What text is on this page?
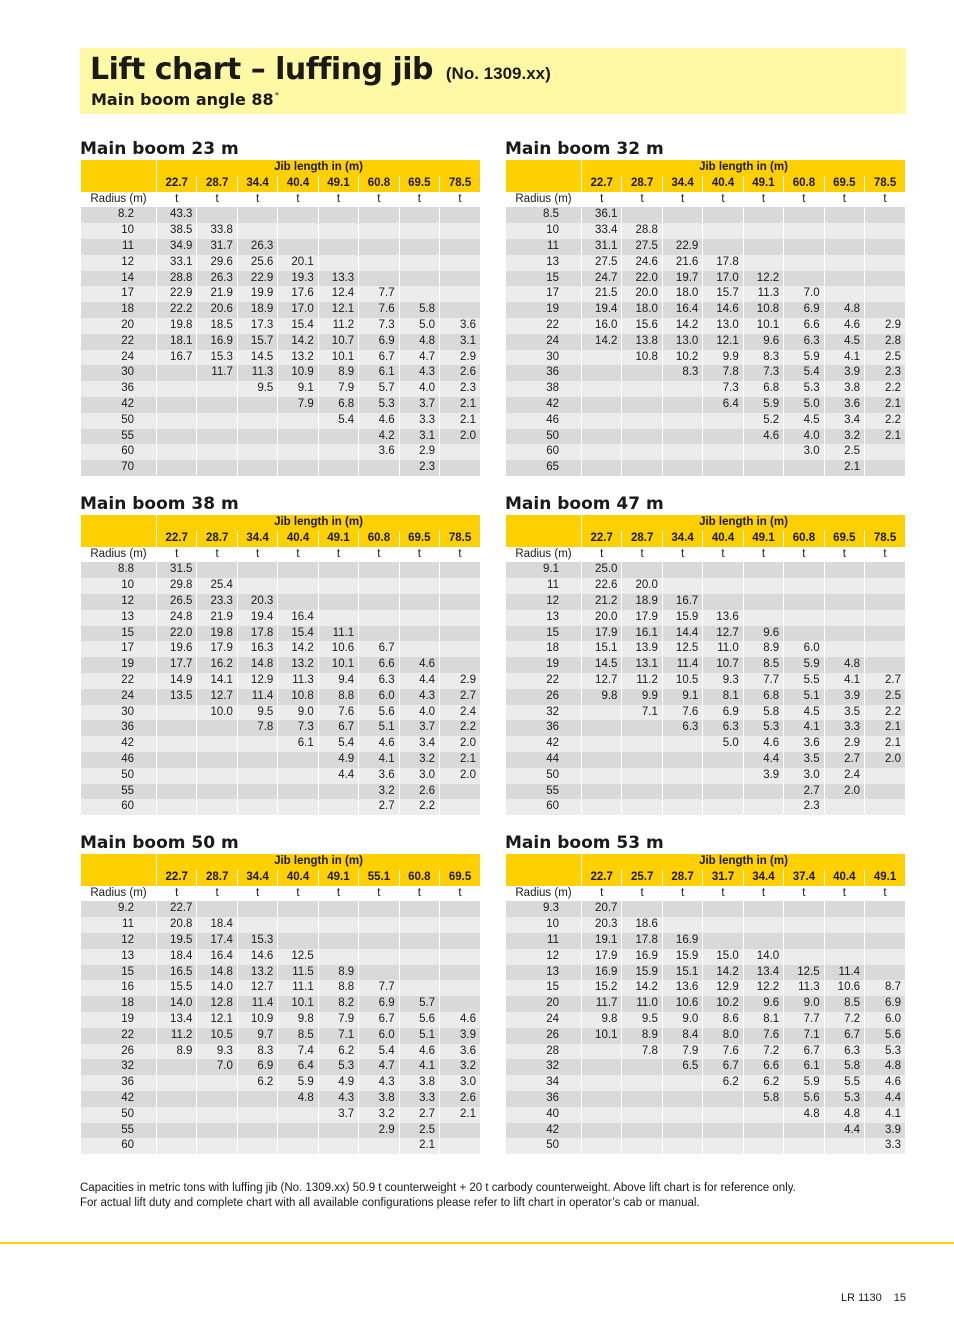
Lift chart – luffing jib (No. 1309.xx)
Main boom angle 88°
Main boom 23 m
	Jib length in (m)							
	22.7	28.7	34.4	40.4	49.1	60.8	69.5	78.5
Radius (m)	t	t	t	t	t	t	t	t
8.2	43.3							
10	38.5	33.8						
11	34.9	31.7	26.3					
12	33.1	29.6	25.6	20.1				
14	28.8	26.3	22.9	19.3	13.3			
17	22.9	21.9	19.9	17.6	12.4	7.7		
18	22.2	20.6	18.9	17.0	12.1	7.6	5.8	
20	19.8	18.5	17.3	15.4	11.2	7.3	5.0	3.6
22	18.1	16.9	15.7	14.2	10.7	6.9	4.8	3.1
24	16.7	15.3	14.5	13.2	10.1	6.7	4.7	2.9
30		11.7	11.3	10.9	8.9	6.1	4.3	2.6
36			9.5	9.1	7.9	5.7	4.0	2.3
42				7.9	6.8	5.3	3.7	2.1
50					5.4	4.6	3.3	2.1
55						4.2	3.1	2.0
60						3.6	2.9	
70							2.3	
Main boom 32 m
	Jib length in (m)							
	22.7	28.7	34.4	40.4	49.1	60.8	69.5	78.5
Radius (m)	t	t	t	t	t	t	t	t
8.5	36.1							
10	33.4	28.8						
11	31.1	27.5	22.9					
13	27.5	24.6	21.6	17.8				
15	24.7	22.0	19.7	17.0	12.2			
17	21.5	20.0	18.0	15.7	11.3	7.0		
19	19.4	18.0	16.4	14.6	10.8	6.9	4.8	
22	16.0	15.6	14.2	13.0	10.1	6.6	4.6	2.9
24	14.2	13.8	13.0	12.1	9.6	6.3	4.5	2.8
30		10.8	10.2	9.9	8.3	5.9	4.1	2.5
36			8.3	7.8	7.3	5.4	3.9	2.3
38				7.3	6.8	5.3	3.8	2.2
42				6.4	5.9	5.0	3.6	2.1
46					5.2	4.5	3.4	2.2
50					4.6	4.0	3.2	2.1
60						3.0	2.5	
65							2.1	
Main boom 38 m
	Jib length in (m)							
	22.7	28.7	34.4	40.4	49.1	60.8	69.5	78.5
Radius (m)	t	t	t	t	t	t	t	t
8.8	31.5							
10	29.8	25.4						
12	26.5	23.3	20.3					
13	24.8	21.9	19.4	16.4				
15	22.0	19.8	17.8	15.4	11.1			
17	19.6	17.9	16.3	14.2	10.6	6.7		
19	17.7	16.2	14.8	13.2	10.1	6.6	4.6	
22	14.9	14.1	12.9	11.3	9.4	6.3	4.4	2.9
24	13.5	12.7	11.4	10.8	8.8	6.0	4.3	2.7
30		10.0	9.5	9.0	7.6	5.6	4.0	2.4
36			7.8	7.3	6.7	5.1	3.7	2.2
42				6.1	5.4	4.6	3.4	2.0
46					4.9	4.1	3.2	2.1
50					4.4	3.6	3.0	2.0
55						3.2	2.6	
60						2.7	2.2	
Main boom 47 m
	Jib length in (m)							
	22.7	28.7	34.4	40.4	49.1	60.8	69.5	78.5
Radius (m)	t	t	t	t	t	t	t	t
9.1	25.0							
11	22.6	20.0						
12	21.2	18.9	16.7					
13	20.0	17.9	15.9	13.6				
15	17.9	16.1	14.4	12.7	9.6			
18	15.1	13.9	12.5	11.0	8.9	6.0		
19	14.5	13.1	11.4	10.7	8.5	5.9	4.8	
22	12.7	11.2	10.5	9.3	7.7	5.5	4.1	2.7
26	9.8	9.9	9.1	8.1	6.8	5.1	3.9	2.5
32		7.1	7.6	6.9	5.8	4.5	3.5	2.2
36			6.3	6.3	5.3	4.1	3.3	2.1
42				5.0	4.6	3.6	2.9	2.1
44					4.4	3.5	2.7	2.0
50					3.9	3.0	2.4	
55						2.7	2.0	
60						2.3		
Main boom 50 m
	Jib length in (m)							
	22.7	28.7	34.4	40.4	49.1	55.1	60.8	69.5
Radius (m)	t	t	t	t	t	t	t	t
9.2	22.7							
11	20.8	18.4						
12	19.5	17.4	15.3					
13	18.4	16.4	14.6	12.5				
15	16.5	14.8	13.2	11.5	8.9			
16	15.5	14.0	12.7	11.1	8.8	7.7		
18	14.0	12.8	11.4	10.1	8.2	6.9	5.7	
19	13.4	12.1	10.9	9.8	7.9	6.7	5.6	4.6
22	11.2	10.5	9.7	8.5	7.1	6.0	5.1	3.9
26	8.9	9.3	8.3	7.4	6.2	5.4	4.6	3.6
32		7.0	6.9	6.4	5.3	4.7	4.1	3.2
36			6.2	5.9	4.9	4.3	3.8	3.0
42				4.8	4.3	3.8	3.3	2.6
50					3.7	3.2	2.7	2.1
55						2.9	2.5	
60							2.1	
Main boom 53 m
	Jib length in (m)							
	22.7	25.7	28.7	31.7	34.4	37.4	40.4	49.1
Radius (m)	t	t	t	t	t	t	t	t
9.3	20.7							
10	20.3	18.6						
11	19.1	17.8	16.9					
12	17.9	16.9	15.9	15.0	14.0			
13	16.9	15.9	15.1	14.2	13.4	12.5	11.4	
15	15.2	14.2	13.6	12.9	12.2	11.3	10.6	8.7
20	11.7	11.0	10.6	10.2	9.6	9.0	8.5	6.9
24	9.8	9.5	9.0	8.6	8.1	7.7	7.2	6.0
26	10.1	8.9	8.4	8.0	7.6	7.1	6.7	5.6
28		7.8	7.9	7.6	7.2	6.7	6.3	5.3
32			6.5	6.7	6.6	6.1	5.8	4.8
34				6.2	6.2	5.9	5.5	4.6
36					5.8	5.6	5.3	4.4
40						4.8	4.8	4.1
42							4.4	3.9
50								3.3

Capacities in metric tons with luffing jib (No. 1309.xx) 50.9 t counterweight + 20 t carbody counterweight. Above lift chart is for reference only.

For actual lift duty and complete chart with all available configurations please refer to lift chart in operator’s cab or manual.

LR 1130 15
